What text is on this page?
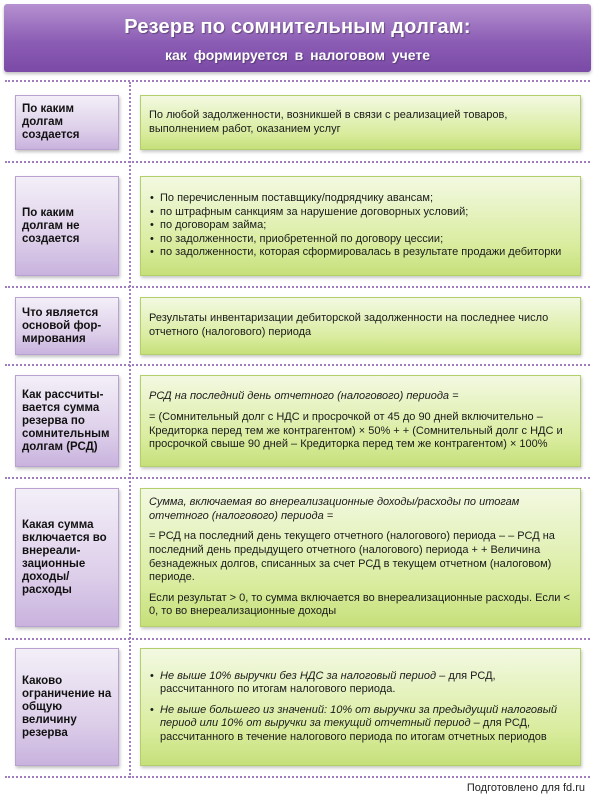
Резерв по сомнительным долгам:
как формируется в налоговом учете
По каким долгам создается

По любой задолженности, возникшей в связи с реализацией товаров, выполнением работ, оказанием услуг

По каким долгам не создается
• По перечисленным поставщику/подрядчику авансам;
• по штрафным санкциям за нарушение договорных условий;
• по договорам займа;
• по задолженности, приобретенной по договору цессии;
• по задолженности, которая сформировалась в результате продажи дебиторки
Что является основой фор-мирования

Результаты инвентаризации дебиторской задолженности на последнее число отчетного (налогового) периода

Как рассчиты-вается сумма резерва по сомнительным долгам (РСД)

РСД на последний день отчетного (налогового) периода =

= (Сомнительный долг с НДС и просрочкой от 45 до 90 дней включительно – Кредиторка перед тем же контрагентом) × 50% + + (Сомнительный долг с НДС и просрочкой свыше 90 дней – Кредиторка перед тем же контрагентом) × 100%

Какая сумма включается во внереали-зационные доходы/ расходы

Сумма, включаемая во внереализационные доходы/расходы по итогам отчетного (налогового) периода =

= РСД на последний день текущего отчетного (налогового) периода – – РСД на последний день предыдущего отчетного (налогового) периода + + Величина безнадежных долгов, списанных за счет РСД в текущем отчетном (налоговом) периоде.

Если результат > 0, то сумма включается во внереализационные расходы. Если < 0, то во внереализационные доходы

Каково ограничение на общую величину резерва
• Не выше 10% выручки без НДС за налоговый период – для РСД, рассчитанного по итогам налогового периода.
• Не выше большего из значений: 10% от выручки за предыдущий налоговый период или 10% от выручки за текущий отчетный период – для РСД, рассчитанного в течение налогового периода по итогам отчетных периодов
Подготовлено для fd.ru
